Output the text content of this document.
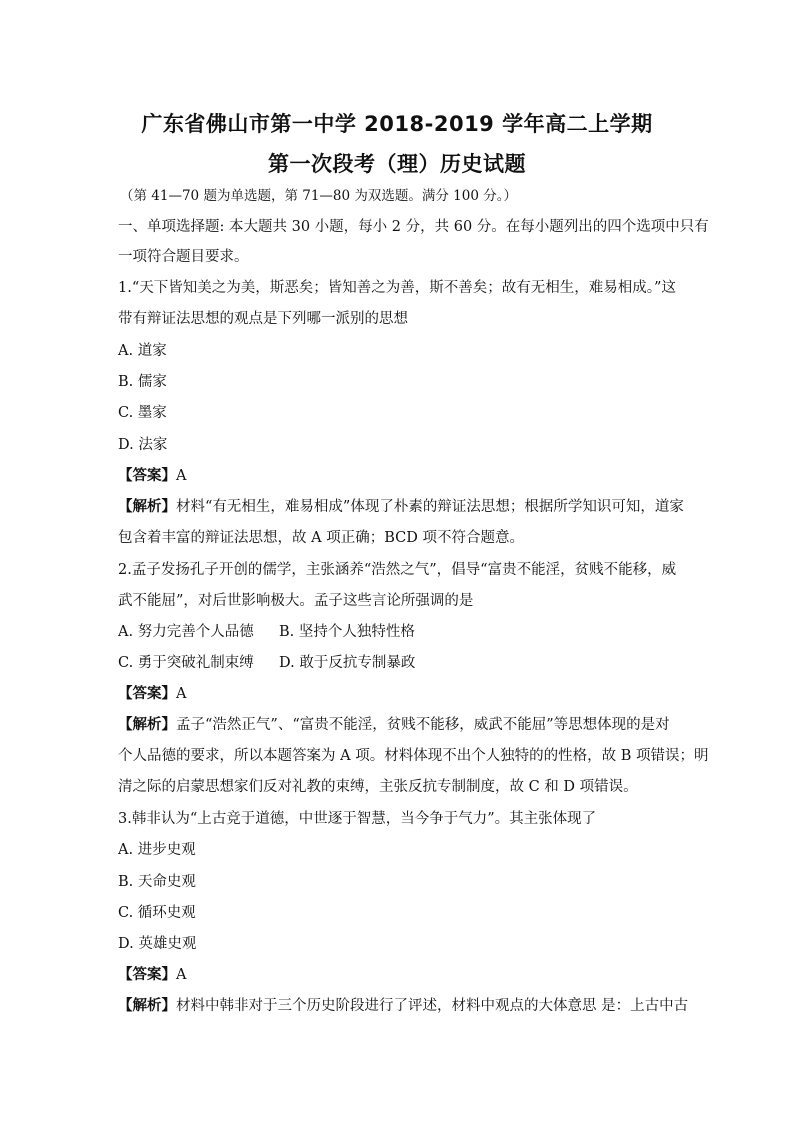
广东省佛山市第一中学 2018-2019 学年高二上学期
第一次段考（理）历史试题
（第 41—70 题为单选题，第 71—80 为双选题。满分 100 分。）
一、单项选择题: 本大题共 30 小题，每小 2 分，共 60 分。在每小题列出的四个选项中只有
一项符合题目要求。
1.“天下皆知美之为美，斯恶矣；皆知善之为善，斯不善矣；故有无相生，难易相成。”这
带有辩证法思想的观点是下列哪一派别的思想
A. 道家
B. 儒家
C. 墨家
D. 法家
【答案】A
【解析】材料“有无相生，难易相成”体现了朴素的辩证法思想；根据所学知识可知，道家
包含着丰富的辩证法思想，故 A 项正确；BCD 项不符合题意。
2.孟子发扬孔子开创的儒学，主张涵养“浩然之气”，倡导“富贵不能淫，贫贱不能移，威
武不能屈”，对后世影响极大。孟子这些言论所强调的是
A. 努力完善个人品德 B. 坚持个人独特性格
C. 勇于突破礼制束缚 D. 敢于反抗专制暴政
【答案】A
【解析】孟子“浩然正气”、“富贵不能淫，贫贱不能移，威武不能屈”等思想体现的是对
个人品德的要求，所以本题答案为 A 项。材料体现不出个人独特的的性格，故 B 项错误；明
清之际的启蒙思想家们反对礼教的束缚，主张反抗专制制度，故 C 和 D 项错误。
3.韩非认为“上古竞于道德，中世逐于智慧，当今争于气力”。其主张体现了
A. 进步史观
B. 天命史观
C. 循环史观
D. 英雄史观
【答案】A
【解析】材料中韩非对于三个历史阶段进行了评述，材料中观点的大体意思 是：上古中古
